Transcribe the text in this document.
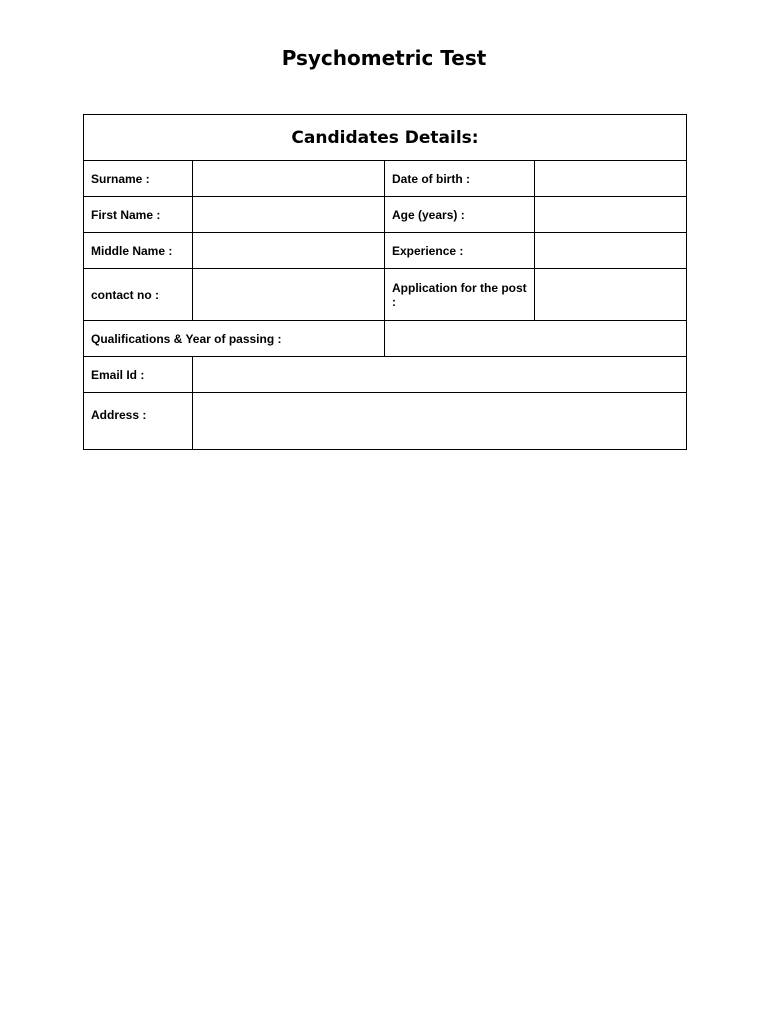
Psychometric Test
Candidates Details:			
Surname :		Date of birth :	
First Name :		Age (years) :	
Middle Name :		Experience :	
contact no :		Application for the post :	
Qualifications & Year of passing :			
Email Id :			
Address :			
